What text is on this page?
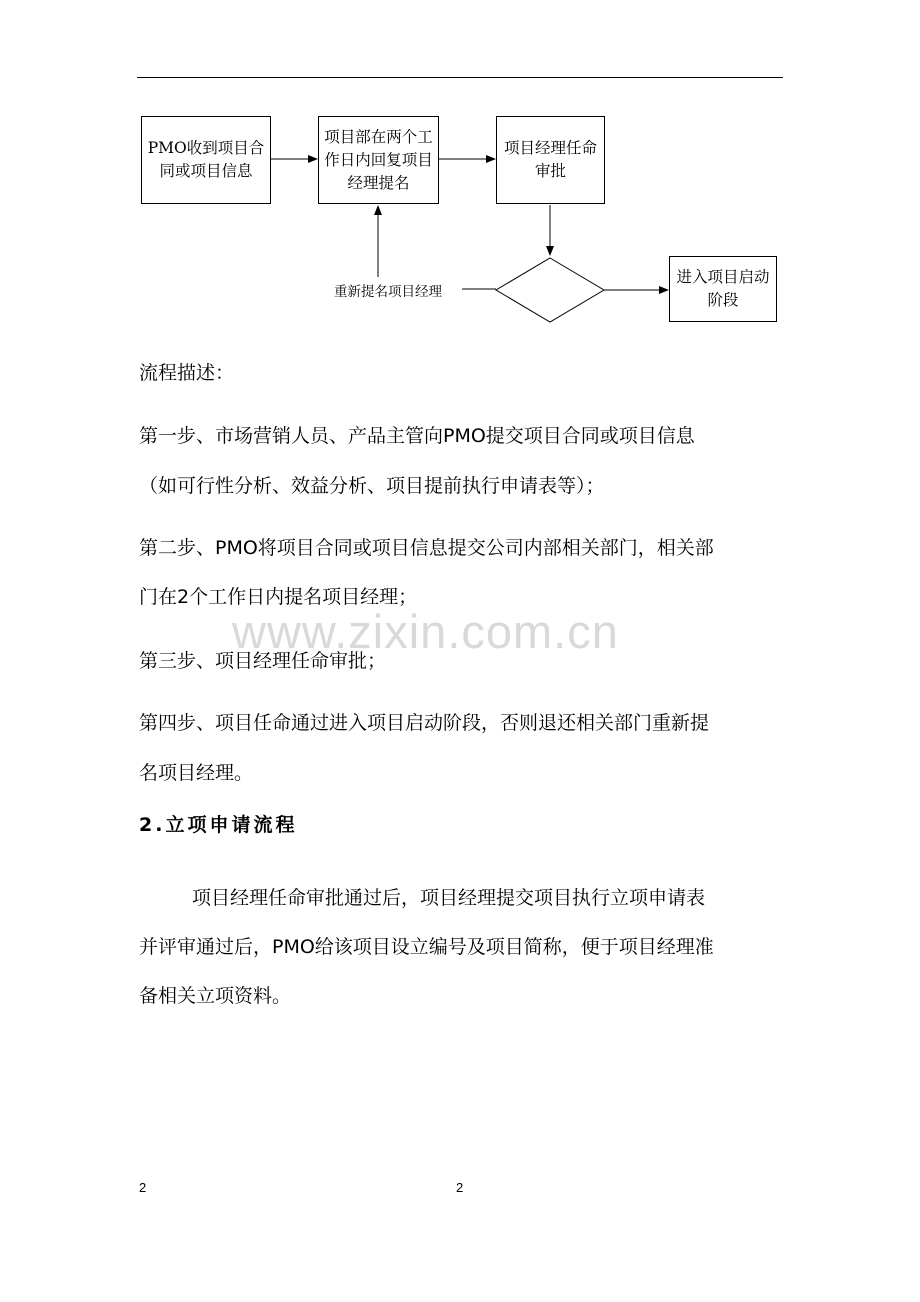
PMO收到项目合同或项目信息
项目部在两个工作日内回复项目经理提名
项目经理任命审批
进入项目启动阶段
重新提名项目经理
流程描述：
第一步、市场营销人员、产品主管向PMO提交项目合同或项目信息
（如可行性分析、效益分析、项目提前执行申请表等）；
第二步、PMO将项目合同或项目信息提交公司内部相关部门，相关部
门在2个工作日内提名项目经理；
第三步、项目经理任命审批；
第四步、项目任命通过进入项目启动阶段，否则退还相关部门重新提
名项目经理。
2.立项申请流程
项目经理任命审批通过后，项目经理提交项目执行立项申请表
并评审通过后，PMO给该项目设立编号及项目简称，便于项目经理准
备相关立项资料。
www.zixin.com.cn
2	2
